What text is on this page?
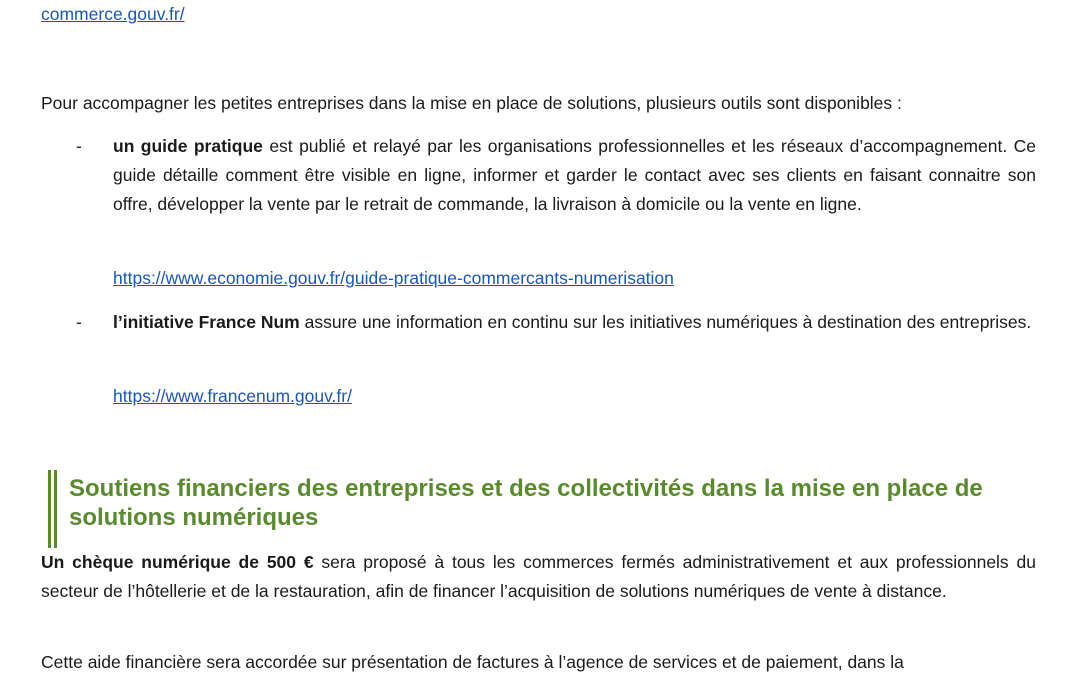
commerce.gouv.fr/
Pour accompagner les petites entreprises dans la mise en place de solutions, plusieurs outils sont disponibles :
- un guide pratique est publié et relayé par les organisations professionnelles et les réseaux d’accompagnement. Ce guide détaille comment être visible en ligne, informer et garder le contact avec ses clients en faisant connaitre son offre, développer la vente par le retrait de commande, la livraison à domicile ou la vente en ligne.
https://www.economie.gouv.fr/guide-pratique-commercants-numerisation
- l’initiative France Num assure une information en continu sur les initiatives numériques à destination des entreprises.
https://www.francenum.gouv.fr/
Soutiens financiers des entreprises et des collectivités dans la mise en place de solutions numériques
Un chèque numérique de 500 € sera proposé à tous les commerces fermés administrativement et aux professionnels du secteur de l’hôtellerie et de la restauration, afin de financer l’acquisition de solutions numériques de vente à distance.
Cette aide financière sera accordée sur présentation de factures à l’agence de services et de paiement, dans la
